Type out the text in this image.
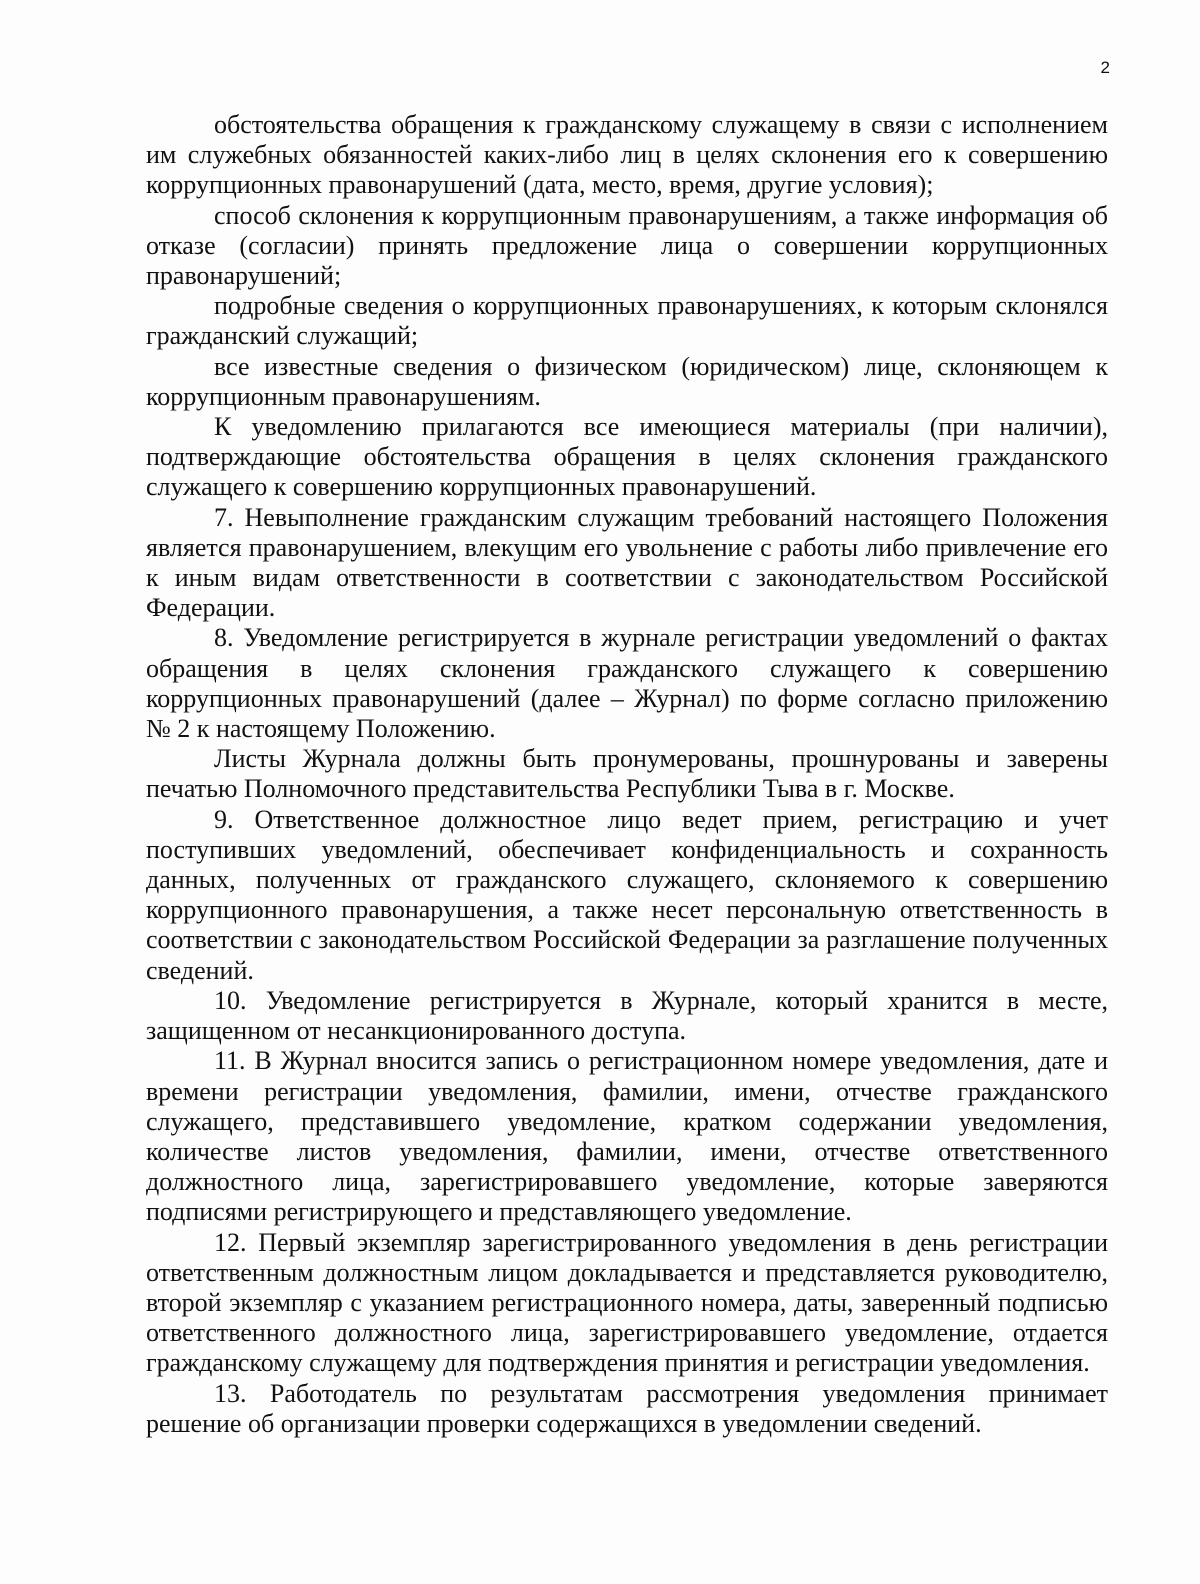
2

обстоятельства обращения к гражданскому служащему в связи с исполнением им служебных обязанностей каких-либо лиц в целях склонения его к совершению коррупционных правонарушений (дата, место, время, другие условия);

способ склонения к коррупционным правонарушениям, а также информация об отказе (согласии) принять предложение лица о совершении коррупционных правонарушений;

подробные сведения о коррупционных правонарушениях, к которым склонялся гражданский служащий;

все известные сведения о физическом (юридическом) лице, склоняющем к коррупционным правонарушениям.

К уведомлению прилагаются все имеющиеся материалы (при наличии), подтверждающие обстоятельства обращения в целях склонения гражданского служащего к совершению коррупционных правонарушений.

7. Невыполнение гражданским служащим требований настоящего Положения является правонарушением, влекущим его увольнение с работы либо привлечение его к иным видам ответственности в соответствии с законодательством Российской Федерации.

8. Уведомление регистрируется в журнале регистрации уведомлений о фактах обращения в целях склонения гражданского служащего к совершению коррупционных правонарушений (далее – Журнал) по форме согласно приложению № 2 к настоящему Положению.

Листы Журнала должны быть пронумерованы, прошнурованы и заверены печатью Полномочного представительства Республики Тыва в г. Москве.

9. Ответственное должностное лицо ведет прием, регистрацию и учет поступивших уведомлений, обеспечивает конфиденциальность и сохранность данных, полученных от гражданского служащего, склоняемого к совершению коррупционного правонарушения, а также несет персональную ответственность в соответствии с законодательством Российской Федерации за разглашение полученных сведений.

10. Уведомление регистрируется в Журнале, который хранится в месте, защищенном от несанкционированного доступа.

11. В Журнал вносится запись о регистрационном номере уведомления, дате и времени регистрации уведомления, фамилии, имени, отчестве гражданского служащего, представившего уведомление, кратком содержании уведомления, количестве листов уведомления, фамилии, имени, отчестве ответственного должностного лица, зарегистрировавшего уведомление, которые заверяются подписями регистрирующего и представляющего уведомление.

12. Первый экземпляр зарегистрированного уведомления в день регистрации ответственным должностным лицом докладывается и представляется руководителю, второй экземпляр с указанием регистрационного номера, даты, заверенный подписью ответственного должностного лица, зарегистрировавшего уведомление, отдается гражданскому служащему для подтверждения принятия и регистрации уведомления.

13. Работодатель по результатам рассмотрения уведомления принимает решение об организации проверки содержащихся в уведомлении сведений.
